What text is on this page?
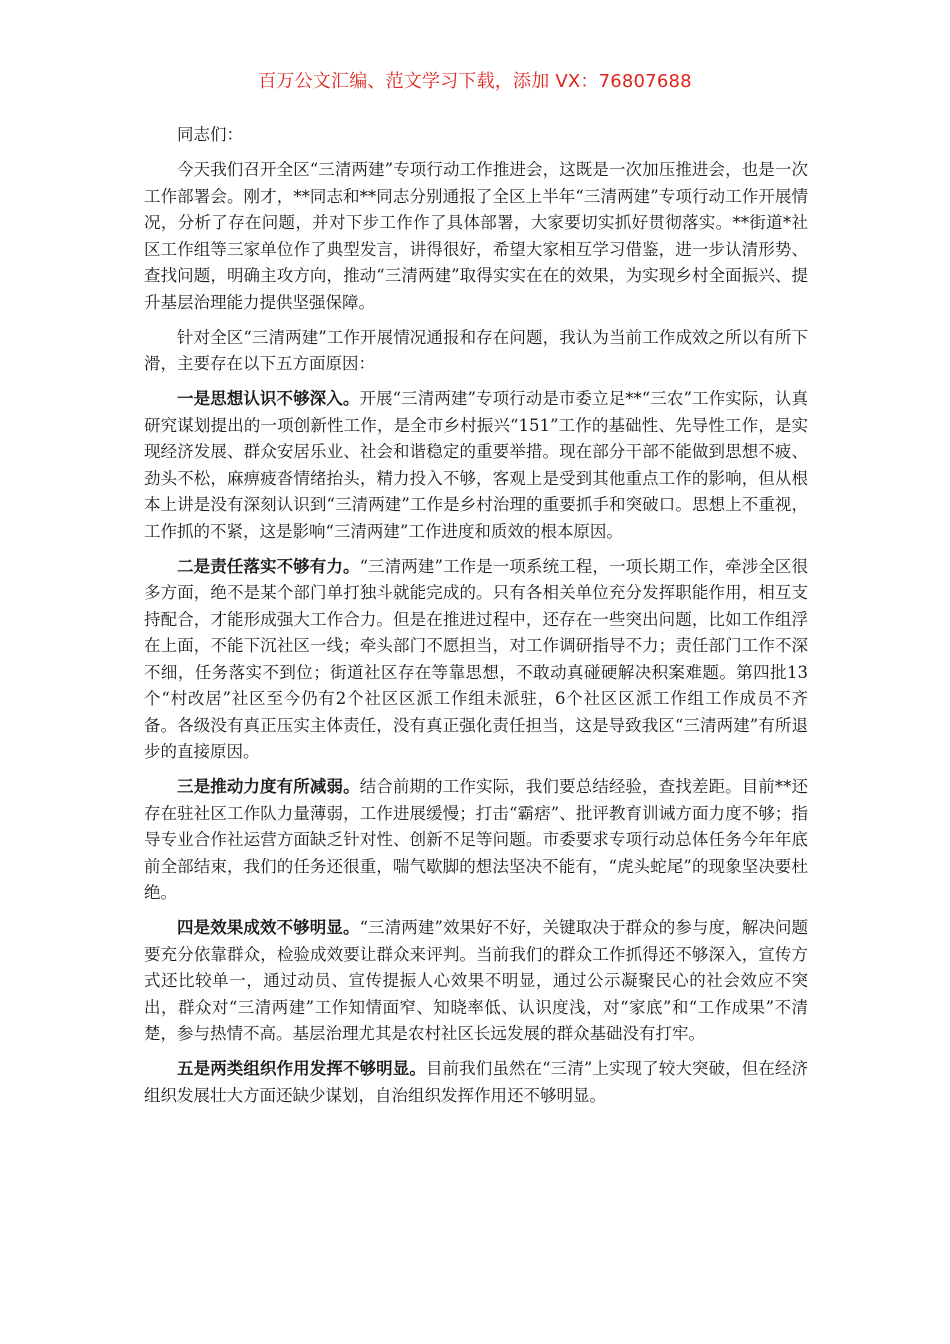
百万公文汇编、范文学习下载，添加 VX：76807688

同志们：

今天我们召开全区“三清两建”专项行动工作推进会，这既是一次加压推进会，也是一次工作部署会。刚才，**同志和**同志分别通报了全区上半年“三清两建”专项行动工作开展情况，分析了存在问题，并对下步工作作了具体部署，大家要切实抓好贯彻落实。**街道*社区工作组等三家单位作了典型发言，讲得很好，希望大家相互学习借鉴，进一步认清形势、查找问题，明确主攻方向，推动“三清两建”取得实实在在的效果，为实现乡村全面振兴、提升基层治理能力提供坚强保障。

针对全区“三清两建”工作开展情况通报和存在问题，我认为当前工作成效之所以有所下滑，主要存在以下五方面原因：

一是思想认识不够深入。开展“三清两建”专项行动是市委立足**“三农”工作实际，认真研究谋划提出的一项创新性工作，是全市乡村振兴“151”工作的基础性、先导性工作，是实现经济发展、群众安居乐业、社会和谐稳定的重要举措。现在部分干部不能做到思想不疲、劲头不松，麻痹疲沓情绪抬头，精力投入不够，客观上是受到其他重点工作的影响，但从根本上讲是没有深刻认识到“三清两建”工作是乡村治理的重要抓手和突破口。思想上不重视，工作抓的不紧，这是影响“三清两建”工作进度和质效的根本原因。

二是责任落实不够有力。“三清两建”工作是一项系统工程，一项长期工作，牵涉全区很多方面，绝不是某个部门单打独斗就能完成的。只有各相关单位充分发挥职能作用，相互支持配合，才能形成强大工作合力。但是在推进过程中，还存在一些突出问题，比如工作组浮在上面，不能下沉社区一线；牵头部门不愿担当，对工作调研指导不力；责任部门工作不深不细，任务落实不到位；街道社区存在等靠思想，不敢动真碰硬解决积案难题。第四批13个“村改居”社区至今仍有2个社区区派工作组未派驻，6个社区区派工作组工作成员不齐备。各级没有真正压实主体责任，没有真正强化责任担当，这是导致我区“三清两建”有所退步的直接原因。

三是推动力度有所减弱。结合前期的工作实际，我们要总结经验，查找差距。目前**还存在驻社区工作队力量薄弱，工作进展缓慢；打击“霸痞”、批评教育训诫方面力度不够；指导专业合作社运营方面缺乏针对性、创新不足等问题。市委要求专项行动总体任务今年年底前全部结束，我们的任务还很重，喘气歇脚的想法坚决不能有，“虎头蛇尾”的现象坚决要杜绝。

四是效果成效不够明显。“三清两建”效果好不好，关键取决于群众的参与度，解决问题要充分依靠群众，检验成效要让群众来评判。当前我们的群众工作抓得还不够深入，宣传方式还比较单一，通过动员、宣传提振人心效果不明显，通过公示凝聚民心的社会效应不突出，群众对“三清两建”工作知情面窄、知晓率低、认识度浅，对“家底”和“工作成果”不清楚，参与热情不高。基层治理尤其是农村社区长远发展的群众基础没有打牢。

五是两类组织作用发挥不够明显。目前我们虽然在“三清”上实现了较大突破，但在经济组织发展壮大方面还缺少谋划，自治组织发挥作用还不够明显。
